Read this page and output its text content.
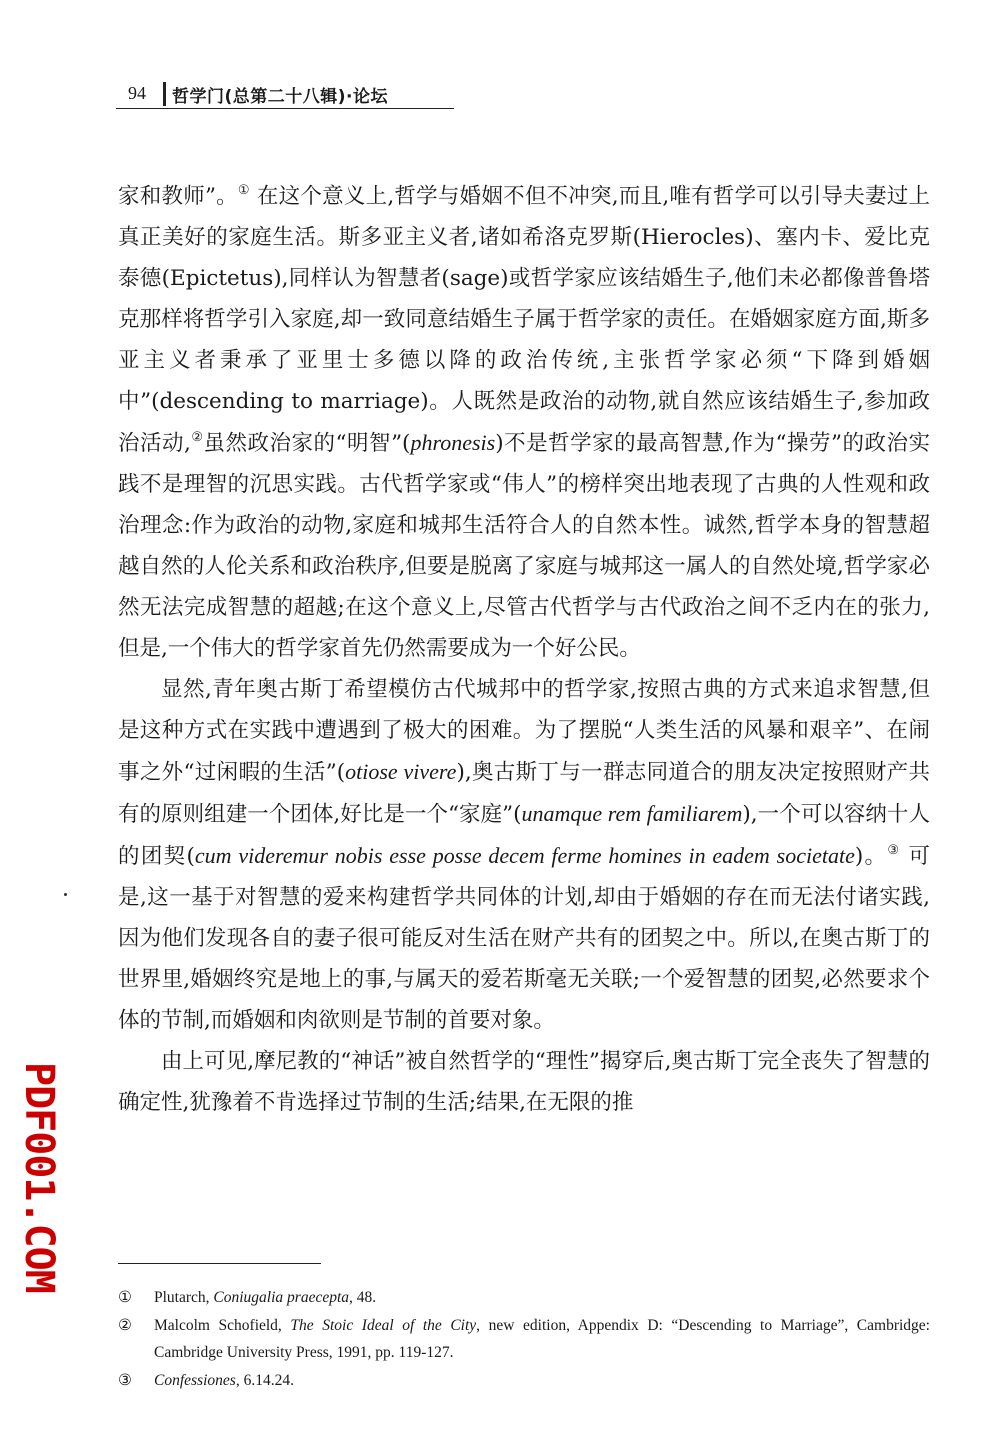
94 哲学门(总第二十八辑)·论坛

家和教师”。① 在这个意义上,哲学与婚姻不但不冲突,而且,唯有哲学可以引导夫妻过上真正美好的家庭生活。斯多亚主义者,诸如希洛克罗斯(Hierocles)、塞内卡、爱比克泰德(Epictetus),同样认为智慧者(sage)或哲学家应该结婚生子,他们未必都像普鲁塔克那样将哲学引入家庭,却一致同意结婚生子属于哲学家的责任。在婚姻家庭方面,斯多亚主义者秉承了亚里士多德以降的政治传统,主张哲学家必须“下降到婚姻中”(descending to marriage)。人既然是政治的动物,就自然应该结婚生子,参加政治活动,②虽然政治家的“明智”(phronesis)不是哲学家的最高智慧,作为“操劳”的政治实践不是理智的沉思实践。古代哲学家或“伟人”的榜样突出地表现了古典的人性观和政治理念:作为政治的动物,家庭和城邦生活符合人的自然本性。诚然,哲学本身的智慧超越自然的人伦关系和政治秩序,但要是脱离了家庭与城邦这一属人的自然处境,哲学家必然无法完成智慧的超越;在这个意义上,尽管古代哲学与古代政治之间不乏内在的张力,但是,一个伟大的哲学家首先仍然需要成为一个好公民。

显然,青年奥古斯丁希望模仿古代城邦中的哲学家,按照古典的方式来追求智慧,但是这种方式在实践中遭遇到了极大的困难。为了摆脱“人类生活的风暴和艰辛”、在闹事之外“过闲暇的生活”(otiose vivere),奥古斯丁与一群志同道合的朋友决定按照财产共有的原则组建一个团体,好比是一个“家庭”(unamque rem familiarem),一个可以容纳十人的团契(cum videremur nobis esse posse decem ferme homines in eadem societate)。③ 可是,这一基于对智慧的爱来构建哲学共同体的计划,却由于婚姻的存在而无法付诸实践,因为他们发现各自的妻子很可能反对生活在财产共有的团契之中。所以,在奥古斯丁的世界里,婚姻终究是地上的事,与属天的爱若斯毫无关联;一个爱智慧的团契,必然要求个体的节制,而婚姻和肉欲则是节制的首要对象。

由上可见,摩尼教的“神话”被自然哲学的“理性”揭穿后,奥古斯丁完全丧失了智慧的确定性,犹豫着不肯选择过节制的生活;结果,在无限的推

① Plutarch, Coniugalia praecepta, 48.
② Malcolm Schofield, The Stoic Ideal of the City, new edition, Appendix D: “Descending to Marriage”, Cambridge: Cambridge University Press, 1991, pp. 119-127.
③ Confessiones, 6.14.24.
PDF001.COM
